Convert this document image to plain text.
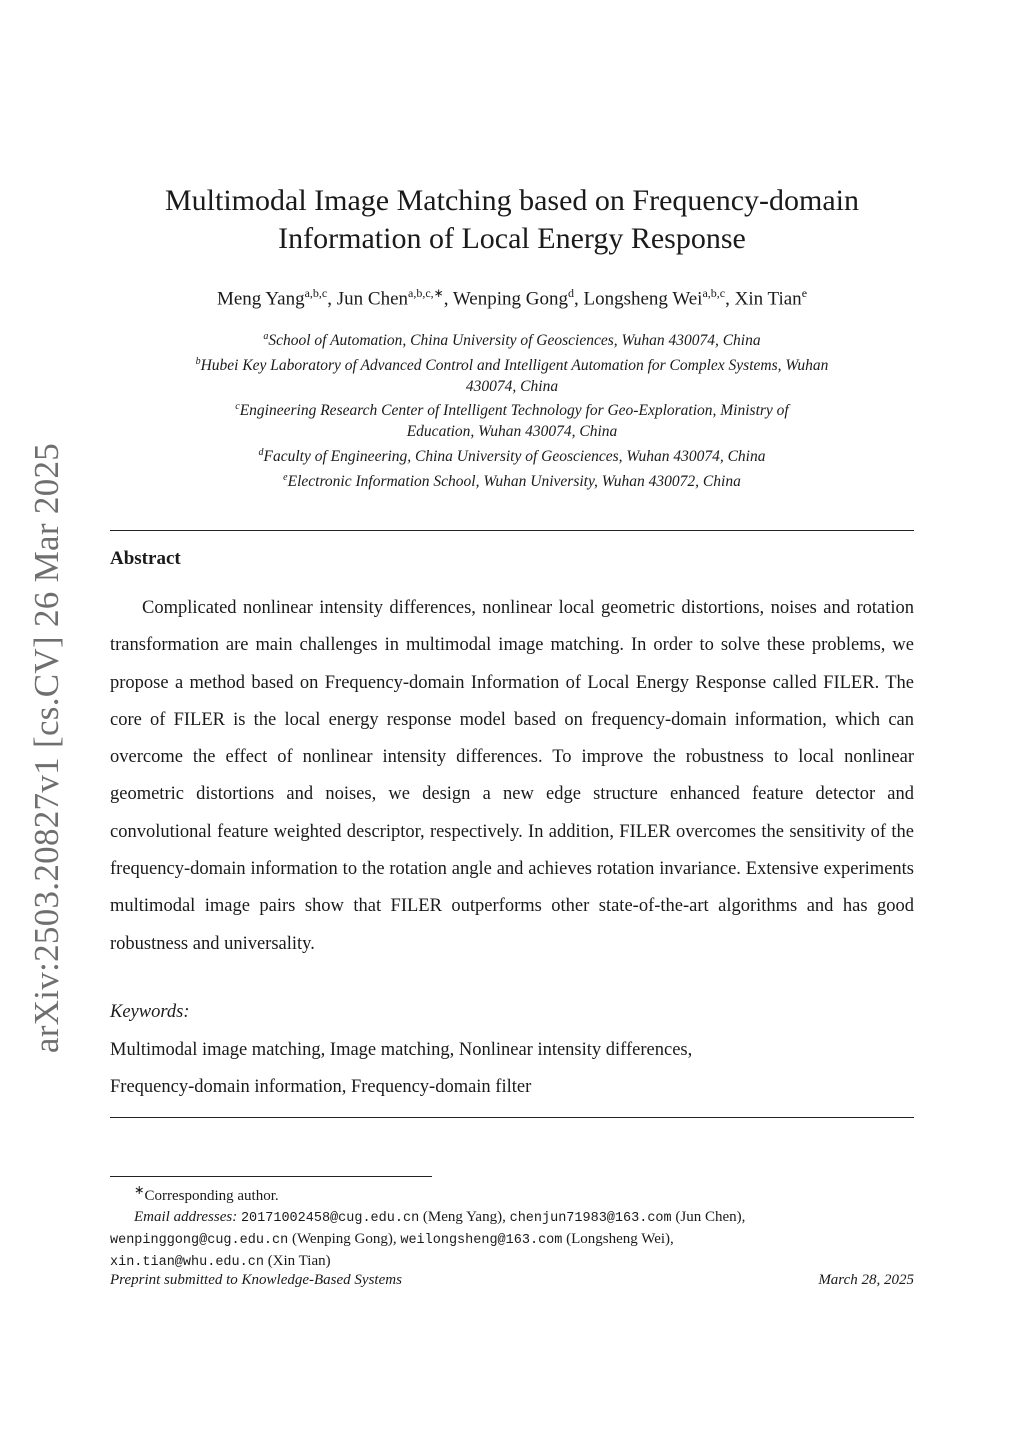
arXiv:2503.20827v1 [cs.CV] 26 Mar 2025
Multimodal Image Matching based on Frequency-domain
Information of Local Energy Response
Meng Yang$^{a,b,c}$, Jun Chen$^{a,b,c,∗}$, Wenping Gong$^d$, Longsheng Wei$^{a,b,c}$, Xin Tian$^e$
$^a$School of Automation, China University of Geosciences, Wuhan 430074, China
$^b$Hubei Key Laboratory of Advanced Control and Intelligent Automation for Complex Systems, Wuhan
430074, China
$^c$Engineering Research Center of Intelligent Technology for Geo-Exploration, Ministry of
Education, Wuhan 430074, China
$^d$Faculty of Engineering, China University of Geosciences, Wuhan 430074, China
$^e$Electronic Information School, Wuhan University, Wuhan 430072, China
Abstract

Complicated nonlinear intensity differences, nonlinear local geometric distortions, noises and rotation transformation are main challenges in multimodal image matching. In order to solve these problems, we propose a method based on Frequency-domain Information of Local Energy Response called FILER. The core of FILER is the local energy response model based on frequency-domain information, which can overcome the effect of nonlinear intensity differences. To improve the robustness to local nonlinear geometric distortions and noises, we design a new edge structure enhanced feature detector and convolutional feature weighted descriptor, respectively. In addition, FILER overcomes the sensitivity of the frequency-domain information to the rotation angle and achieves rotation invariance. Extensive experiments multimodal image pairs show that FILER outperforms other state-of-the-art algorithms and has good robustness and universality.

Keywords:
Multimodal image matching, Image matching, Nonlinear intensity differences,
Frequency-domain information, Frequency-domain filter
∗Corresponding author.
Email addresses: 20171002458@cug.edu.cn (Meng Yang), chenjun71983@163.com (Jun Chen),
wenpinggong@cug.edu.cn (Wenping Gong), weilongsheng@163.com (Longsheng Wei),
xin.tian@whu.edu.cn (Xin Tian)
Preprint submitted to Knowledge-Based Systems	March 28, 2025
